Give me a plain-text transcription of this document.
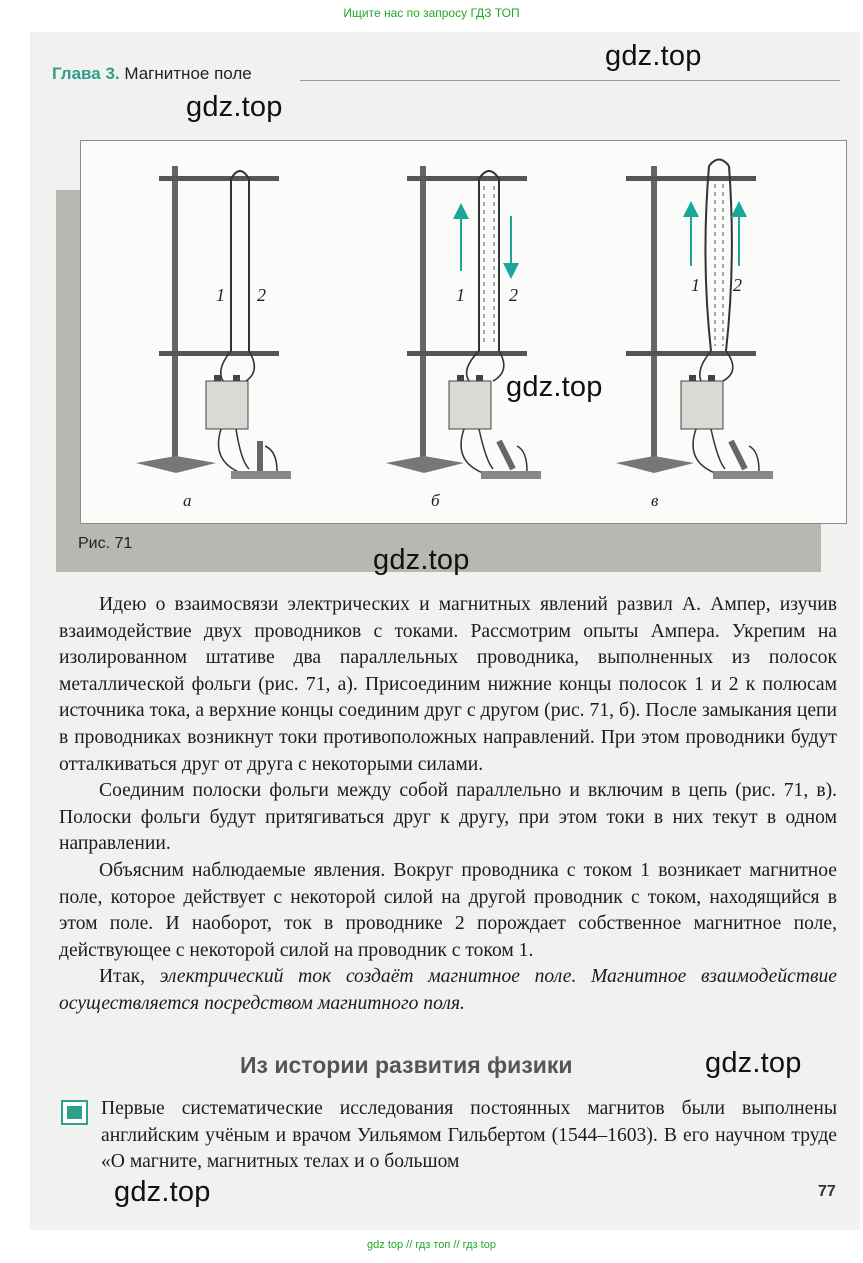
Ищите нас по запросу ГДЗ ТОП
Глава 3. Магнитное поле
1 2
а
1 2
б
1 2
в
Рис. 71

Идею о взаимосвязи электрических и магнитных явлений развил А. Ампер, изучив взаимодействие двух проводников с токами. Рассмотрим опыты Ампера. Укрепим на изолированном штативе два параллельных проводника, выполненных из полосок металлической фольги (рис. 71, а). Присоединим нижние концы полосок 1 и 2 к полюсам источника тока, а верхние концы соединим друг с другом (рис. 71, б). После замыкания цепи в проводниках возникнут токи противоположных направлений. При этом проводники будут отталкиваться друг от друга с некоторыми силами.

Соединим полоски фольги между собой параллельно и включим в цепь (рис. 71, в). Полоски фольги будут притягиваться друг к другу, при этом токи в них текут в одном направлении.

Объясним наблюдаемые явления. Вокруг проводника с током 1 возникает магнитное поле, которое действует с некоторой силой на другой проводник с током, находящийся в этом поле. И наоборот, ток в проводнике 2 порождает собственное магнитное поле, действующее с некоторой силой на проводник с током 1.

Итак, электрический ток создаёт магнитное поле. Магнитное взаимодействие осуществляется посредством магнитного поля.

Из истории развития физики

Первые систематические исследования постоянных магнитов были выполнены английским учёным и врачом Уильямом Гильбертом (1544–1603). В его научном труде «О магните, магнитных телах и о большом

77
gdz.top
gdz.top
gdz.top
gdz.top
gdz.top
gdz.top
gdz top // гдз топ // гдз top
